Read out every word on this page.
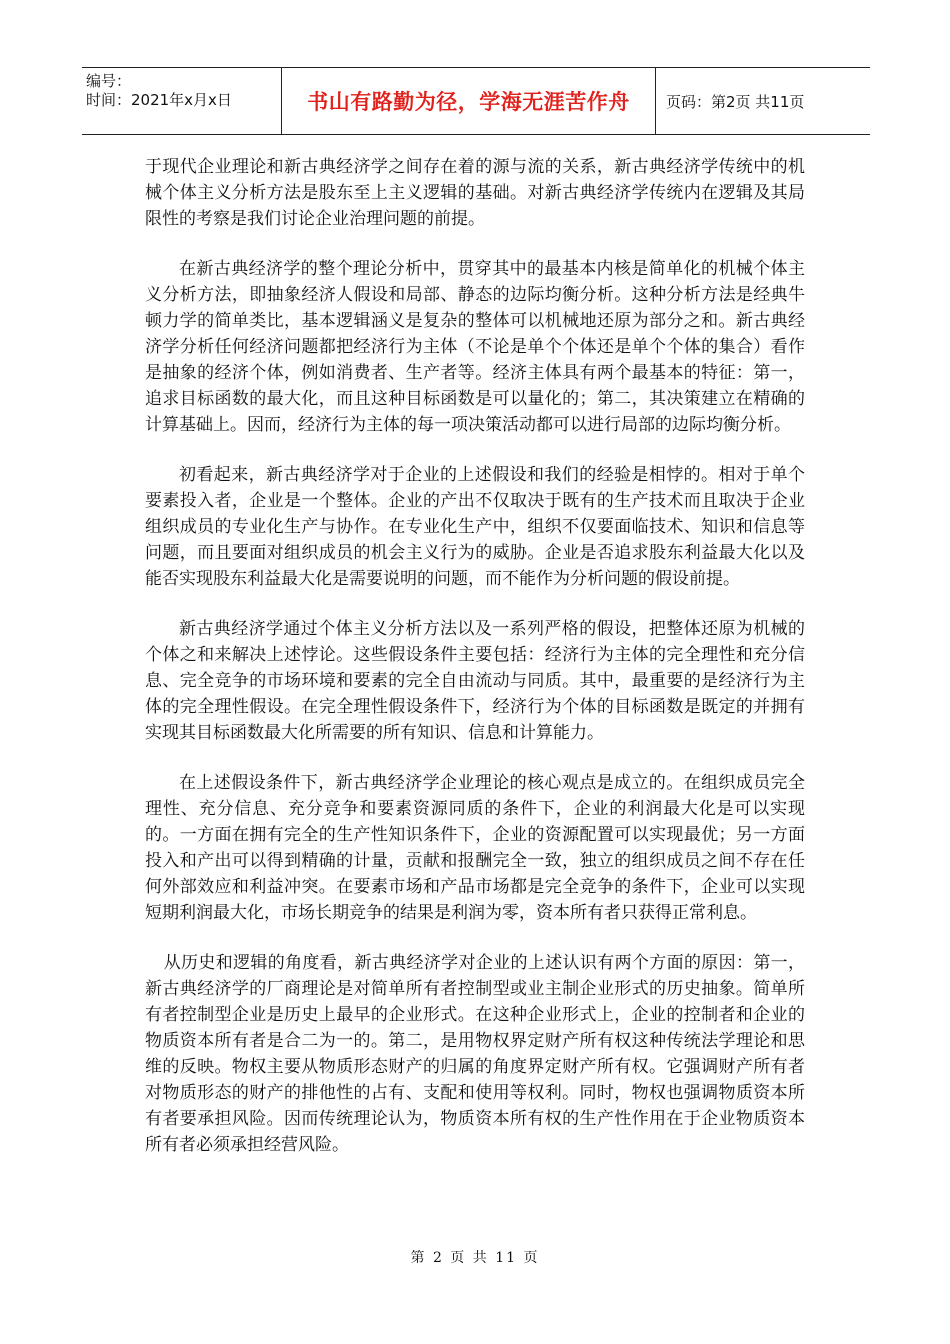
编号：
时间：2021年x月x日	书山有路勤为径，学海无涯苦作舟 页码：第2页 共11页

于现代企业理论和新古典经济学之间存在着的源与流的关系，新古典经济学传统中的机械个体主义分析方法是股东至上主义逻辑的基础。对新古典经济学传统内在逻辑及其局限性的考察是我们讨论企业治理问题的前提。

在新古典经济学的整个理论分析中，贯穿其中的最基本内核是简单化的机械个体主义分析方法，即抽象经济人假设和局部、静态的边际均衡分析。这种分析方法是经典牛顿力学的简单类比，基本逻辑涵义是复杂的整体可以机械地还原为部分之和。新古典经济学分析任何经济问题都把经济行为主体（不论是单个个体还是单个个体的集合）看作是抽象的经济个体，例如消费者、生产者等。经济主体具有两个最基本的特征：第一，追求目标函数的最大化，而且这种目标函数是可以量化的；第二，其决策建立在精确的计算基础上。因而，经济行为主体的每一项决策活动都可以进行局部的边际均衡分析。

初看起来，新古典经济学对于企业的上述假设和我们的经验是相悖的。相对于单个要素投入者，企业是一个整体。企业的产出不仅取决于既有的生产技术而且取决于企业组织成员的专业化生产与协作。在专业化生产中，组织不仅要面临技术、知识和信息等问题，而且要面对组织成员的机会主义行为的威胁。企业是否追求股东利益最大化以及能否实现股东利益最大化是需要说明的问题，而不能作为分析问题的假设前提。

新古典经济学通过个体主义分析方法以及一系列严格的假设，把整体还原为机械的个体之和来解决上述悖论。这些假设条件主要包括：经济行为主体的完全理性和充分信息、完全竞争的市场环境和要素的完全自由流动与同质。其中，最重要的是经济行为主体的完全理性假设。在完全理性假设条件下，经济行为个体的目标函数是既定的并拥有实现其目标函数最大化所需要的所有知识、信息和计算能力。

在上述假设条件下，新古典经济学企业理论的核心观点是成立的。在组织成员完全理性、充分信息、充分竞争和要素资源同质的条件下，企业的利润最大化是可以实现的。一方面在拥有完全的生产性知识条件下，企业的资源配置可以实现最优；另一方面投入和产出可以得到精确的计量，贡献和报酬完全一致，独立的组织成员之间不存在任何外部效应和利益冲突。在要素市场和产品市场都是完全竞争的条件下，企业可以实现短期利润最大化，市场长期竞争的结果是利润为零，资本所有者只获得正常利息。

从历史和逻辑的角度看，新古典经济学对企业的上述认识有两个方面的原因：第一，新古典经济学的厂商理论是对简单所有者控制型或业主制企业形式的历史抽象。简单所有者控制型企业是历史上最早的企业形式。在这种企业形式上，企业的控制者和企业的物质资本所有者是合二为一的。第二，是用物权界定财产所有权这种传统法学理论和思维的反映。物权主要从物质形态财产的归属的角度界定财产所有权。它强调财产所有者对物质形态的财产的排他性的占有、支配和使用等权利。同时，物权也强调物质资本所有者要承担风险。因而传统理论认为，物质资本所有权的生产性作用在于企业物质资本所有者必须承担经营风险。

第 2 页 共 11 页
